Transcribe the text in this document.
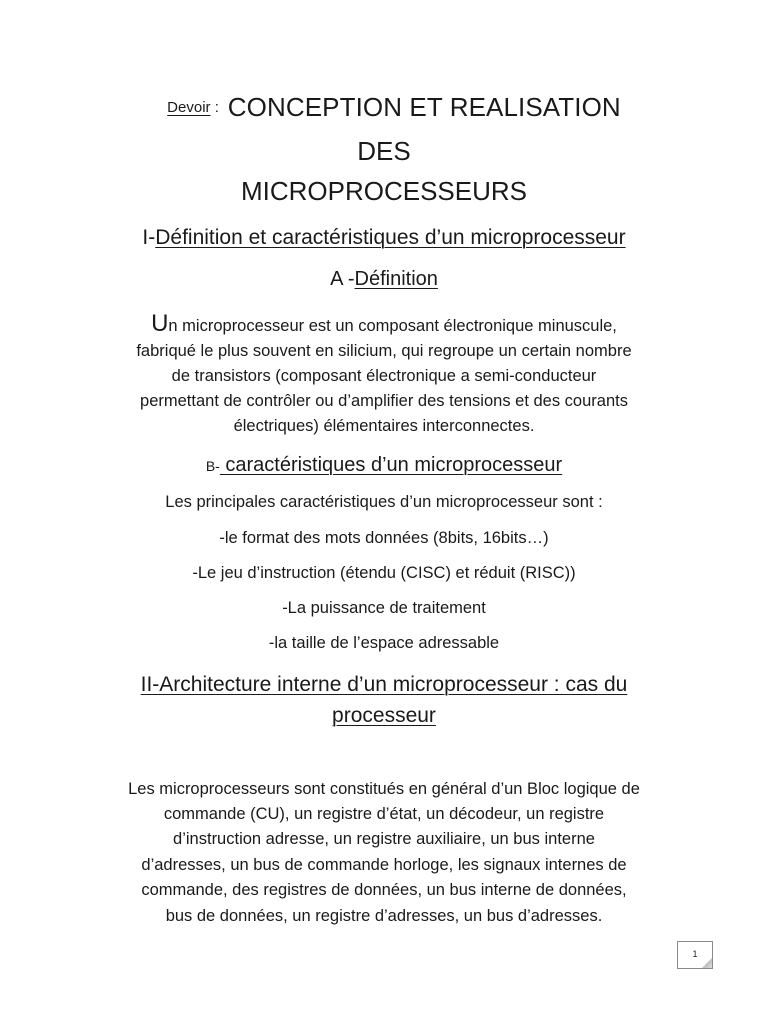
Devoir : CONCEPTION ET REALISATION
DES
MICROPROCESSEURS
I-Définition et caractéristiques d’un microprocesseur
A -Définition
Un microprocesseur est un composant électronique minuscule,
fabriqué le plus souvent en silicium, qui regroupe un certain nombre
de transistors (composant électronique a semi-conducteur
permettant de contrôler ou d’amplifier des tensions et des courants
électriques) élémentaires interconnectes.
B- caractéristiques d’un microprocesseur
Les principales caractéristiques d’un microprocesseur sont :
-le format des mots données (8bits, 16bits…)
-Le jeu d’instruction (étendu (CISC) et réduit (RISC))
-La puissance de traitement
-la taille de l’espace adressable
II-Architecture interne d’un microprocesseur : cas du
processeur
Les microprocesseurs sont constitués en général d’un Bloc logique de
commande (CU), un registre d’état, un décodeur, un registre
d’instruction adresse, un registre auxiliaire, un bus interne
d’adresses, un bus de commande horloge, les signaux internes de
commande, des registres de données, un bus interne de données,
bus de données, un registre d’adresses, un bus d’adresses.
1
